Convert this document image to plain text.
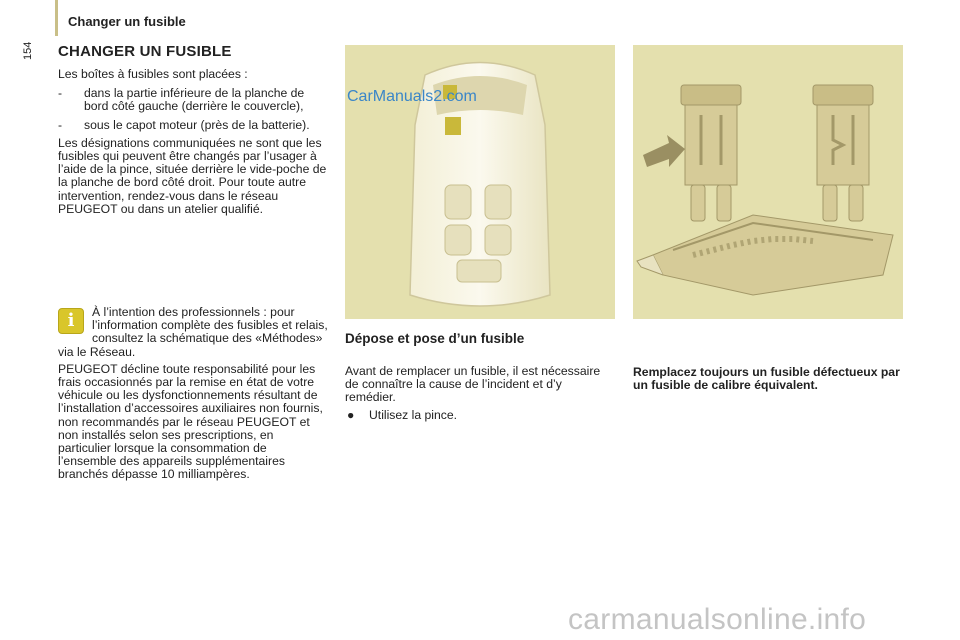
Changer un fusible
154 CHANGER UN FUSIBLE

Les boîtes à fusibles sont placées :

- dans la partie inférieure de la planche de bord côté gauche (derrière le couvercle),
- sous le capot moteur (près de la batterie).

Les désignations communiquées ne sont que les fusibles qui peuvent être changés par l’usager à l’aide de la pince, située derrière le vide-poche de la planche de bord côté droit. Pour toute autre intervention, rendez-vous dans le réseau PEUGEOT ou dans un atelier qualifié.

i	À l’intention des professionnels : pour l’information complète des fusibles et relais, consultez la schématique des «Méthodes» via le Réseau.

PEUGEOT décline toute responsabilité pour les frais occasionnés par la remise en état de votre véhicule ou les dysfonctionnements résultant de l’installation d’accessoires auxiliaires non fournis, non recommandés par le réseau PEUGEOT et non installés selon ses prescriptions, en particulier lorsque la consommation de l’ensemble des appareils supplémentaires branchés dépasse 10 milliampères.

CarManuals2.com
Dépose et pose d’un fusible

Avant de remplacer un fusible, il est nécessaire de connaître la cause de l’incident et d’y remédier.

● Utilisez la pince.
Remplacez toujours un fusible défectueux par un fusible de calibre équivalent.
carmanualsonline.info
